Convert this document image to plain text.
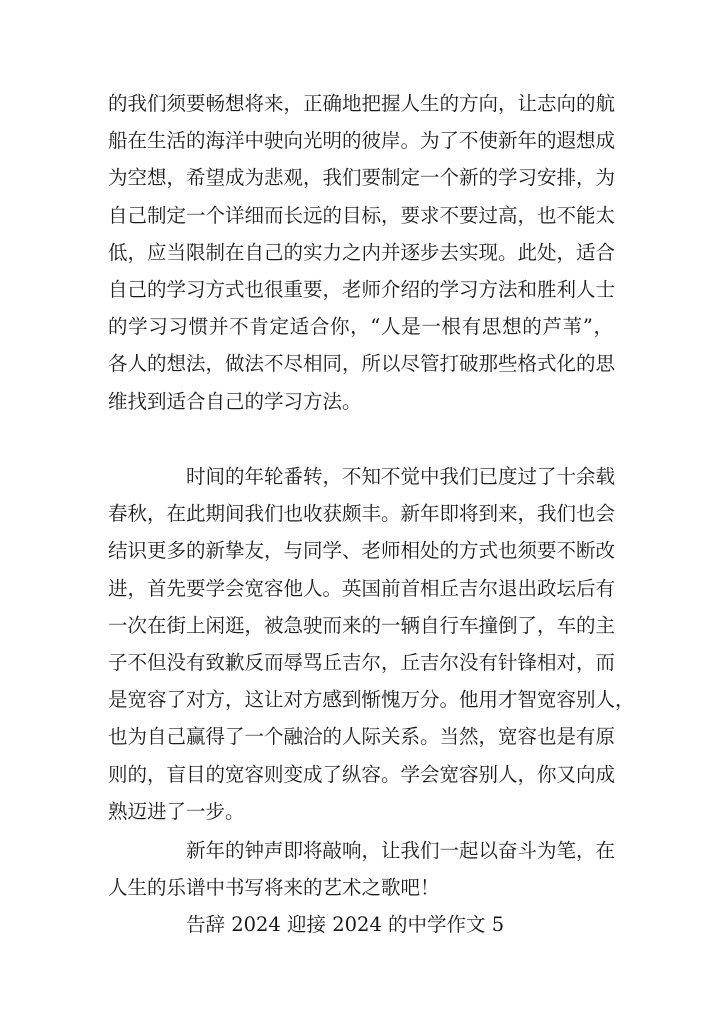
的我们须要畅想将来，正确地把握人生的方向，让志向的航
船在生活的海洋中驶向光明的彼岸。为了不使新年的遐想成
为空想，希望成为悲观，我们要制定一个新的学习安排，为
自己制定一个详细而长远的目标，要求不要过高，也不能太
低，应当限制在自己的实力之内并逐步去实现。此处，适合
自己的学习方式也很重要，老师介绍的学习方法和胜利人士
的学习习惯并不肯定适合你，“人是一根有思想的芦苇”，
各人的想法，做法不尽相同，所以尽管打破那些格式化的思
维找到适合自己的学习方法。
时间的年轮番转，不知不觉中我们已度过了十余载
春秋，在此期间我们也收获颇丰。新年即将到来，我们也会
结识更多的新挚友，与同学、老师相处的方式也须要不断改
进，首先要学会宽容他人。英国前首相丘吉尔退出政坛后有
一次在街上闲逛，被急驶而来的一辆自行车撞倒了，车的主
子不但没有致歉反而辱骂丘吉尔，丘吉尔没有针锋相对，而
是宽容了对方，这让对方感到惭愧万分。他用才智宽容别人，
也为自己赢得了一个融洽的人际关系。当然，宽容也是有原
则的，盲目的宽容则变成了纵容。学会宽容别人，你又向成
熟迈进了一步。
新年的钟声即将敲响，让我们一起以奋斗为笔，在
人生的乐谱中书写将来的艺术之歌吧！
告辞 2024 迎接 2024 的中学作文 5
